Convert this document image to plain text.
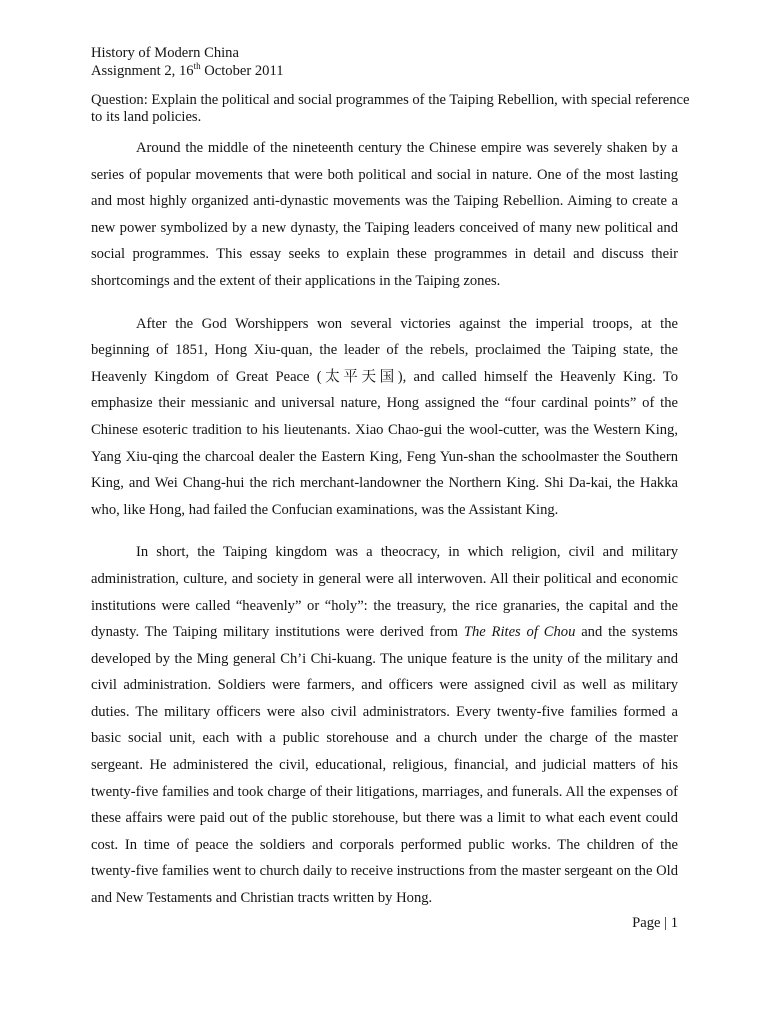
History of Modern China
Assignment 2, 16th October 2011
Question: Explain the political and social programmes of the Taiping Rebellion, with special reference to its land policies.

Around the middle of the nineteenth century the Chinese empire was severely shaken by a series of popular movements that were both political and social in nature. One of the most lasting and most highly organized anti-dynastic movements was the Taiping Rebellion. Aiming to create a new power symbolized by a new dynasty, the Taiping leaders conceived of many new political and social programmes. This essay seeks to explain these programmes in detail and discuss their shortcomings and the extent of their applications in the Taiping zones.

After the God Worshippers won several victories against the imperial troops, at the beginning of 1851, Hong Xiu-quan, the leader of the rebels, proclaimed the Taiping state, the Heavenly Kingdom of Great Peace (太平天国), and called himself the Heavenly King. To emphasize their messianic and universal nature, Hong assigned the “four cardinal points” of the Chinese esoteric tradition to his lieutenants. Xiao Chao-gui the wool-cutter, was the Western King, Yang Xiu-qing the charcoal dealer the Eastern King, Feng Yun-shan the schoolmaster the Southern King, and Wei Chang-hui the rich merchant-landowner the Northern King. Shi Da-kai, the Hakka who, like Hong, had failed the Confucian examinations, was the Assistant King.

In short, the Taiping kingdom was a theocracy, in which religion, civil and military administration, culture, and society in general were all interwoven. All their political and economic institutions were called “heavenly” or “holy”: the treasury, the rice granaries, the capital and the dynasty. The Taiping military institutions were derived from The Rites of Chou and the systems developed by the Ming general Ch’i Chi-kuang. The unique feature is the unity of the military and civil administration. Soldiers were farmers, and officers were assigned civil as well as military duties. The military officers were also civil administrators. Every twenty-five families formed a basic social unit, each with a public storehouse and a church under the charge of the master sergeant. He administered the civil, educational, religious, financial, and judicial matters of his twenty-five families and took charge of their litigations, marriages, and funerals. All the expenses of these affairs were paid out of the public storehouse, but there was a limit to what each event could cost. In time of peace the soldiers and corporals performed public works. The children of the twenty-five families went to church daily to receive instructions from the master sergeant on the Old and New Testaments and Christian tracts written by Hong.

Page | 1
